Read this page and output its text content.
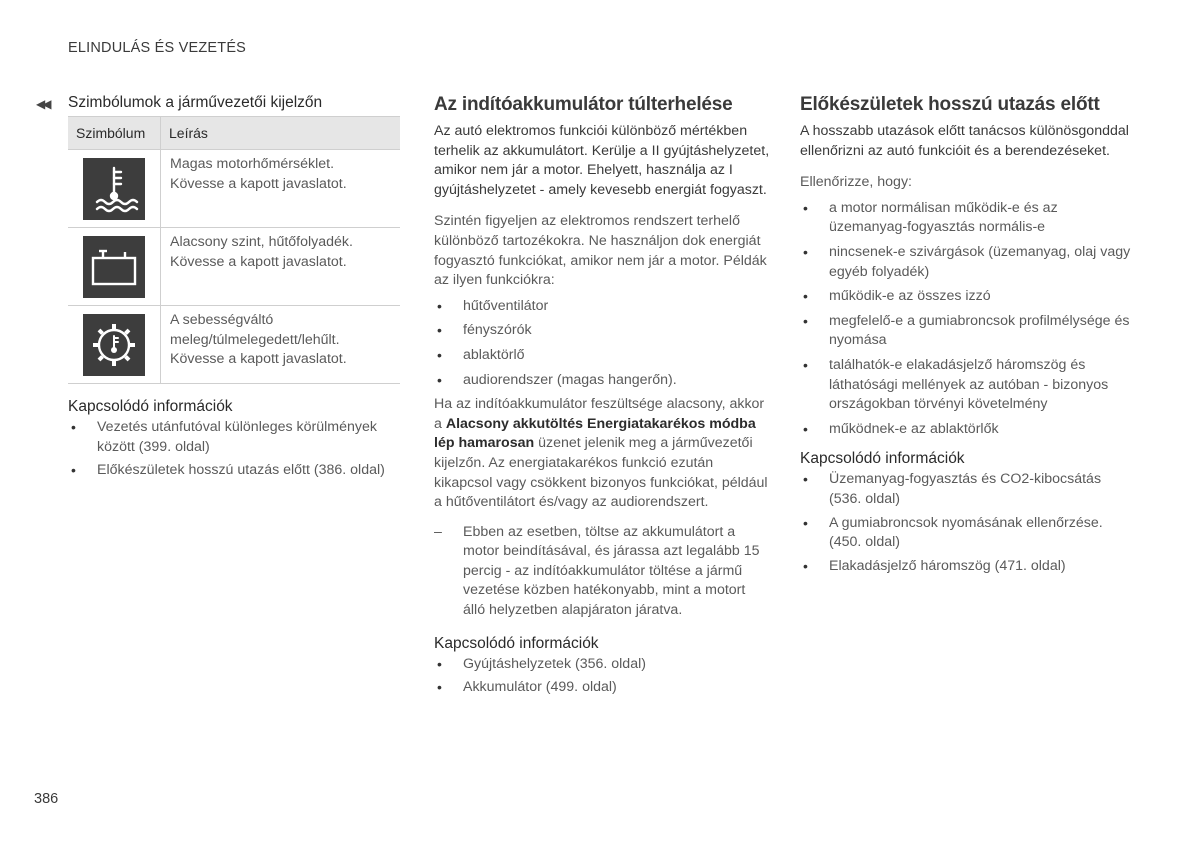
ELINDULÁS ÉS VEZETÉS
◀◀ Szimbólumok a járművezetői kijelzőn
Szimbólum	Leírás

	Magas motorhőmérséklet. Kövesse a kapott javaslatot.

	Alacsony szint, hűtőfolyadék. Kövesse a kapott javaslatot.

	A sebességváltó meleg/túlmelegedett/lehűlt. Kövesse a kapott javaslatot.
Kapcsolódó információk
• Vezetés utánfutóval különleges körülmények között (399. oldal)
• Előkészületek hosszú utazás előtt (386. oldal)
Az indítóakkumulátor túlterhelése

Az autó elektromos funkciói különböző mértékben terhelik az akkumulátort. Kerülje a II gyújtáshelyzetet, amikor nem jár a motor. Ehelyett, használja az I gyújtáshelyzetet - amely kevesebb energiát fogyaszt.

Szintén figyeljen az elektromos rendszert terhelő különböző tartozékokra. Ne használjon dok energiát fogyasztó funkciókat, amikor nem jár a motor. Példák az ilyen funkciókra:

• hűtőventilátor
• fényszórók
• ablaktörlő
• audiorendszer (magas hangerőn).

Ha az indítóakkumulátor feszültsége alacsony, akkor a Alacsony akkutöltés Energiatakarékos módba lép hamarosan üzenet jelenik meg a járművezetői kijelzőn. Az energiatakarékos funkció ezután kikapcsol vagy csökkent bizonyos funkciókat, például a hűtőventilátort és/vagy az audiorendszert.

– Ebben az esetben, töltse az akkumulátort a motor beindításával, és járassa azt legalább 15 percig - az indítóakkumulátor töltése a jármű vezetése közben hatékonyabb, mint a motort álló helyzetben alapjáraton járatva.
Kapcsolódó információk
• Gyújtáshelyzetek (356. oldal)
• Akkumulátor (499. oldal)
Előkészületek hosszú utazás előtt

A hosszabb utazások előtt tanácsos különösgonddal ellenőrizni az autó funkcióit és a berendezéseket.

Ellenőrizze, hogy:

• a motor normálisan működik-e és az üzemanyag-fogyasztás normális-e
• nincsenek-e szivárgások (üzemanyag, olaj vagy egyéb folyadék)
• működik-e az összes izzó
• megfelelő-e a gumiabroncsok profilmélysége és nyomása
• találhatók-e elakadásjelző háromszög és láthatósági mellények az autóban - bizonyos országokban törvényi követelmény
• működnek-e az ablaktörlők
Kapcsolódó információk
• Üzemanyag-fogyasztás és CO2-kibocsátás (536. oldal)
• A gumiabroncsok nyomásának ellenőrzése. (450. oldal)
• Elakadásjelző háromszög (471. oldal)
386
